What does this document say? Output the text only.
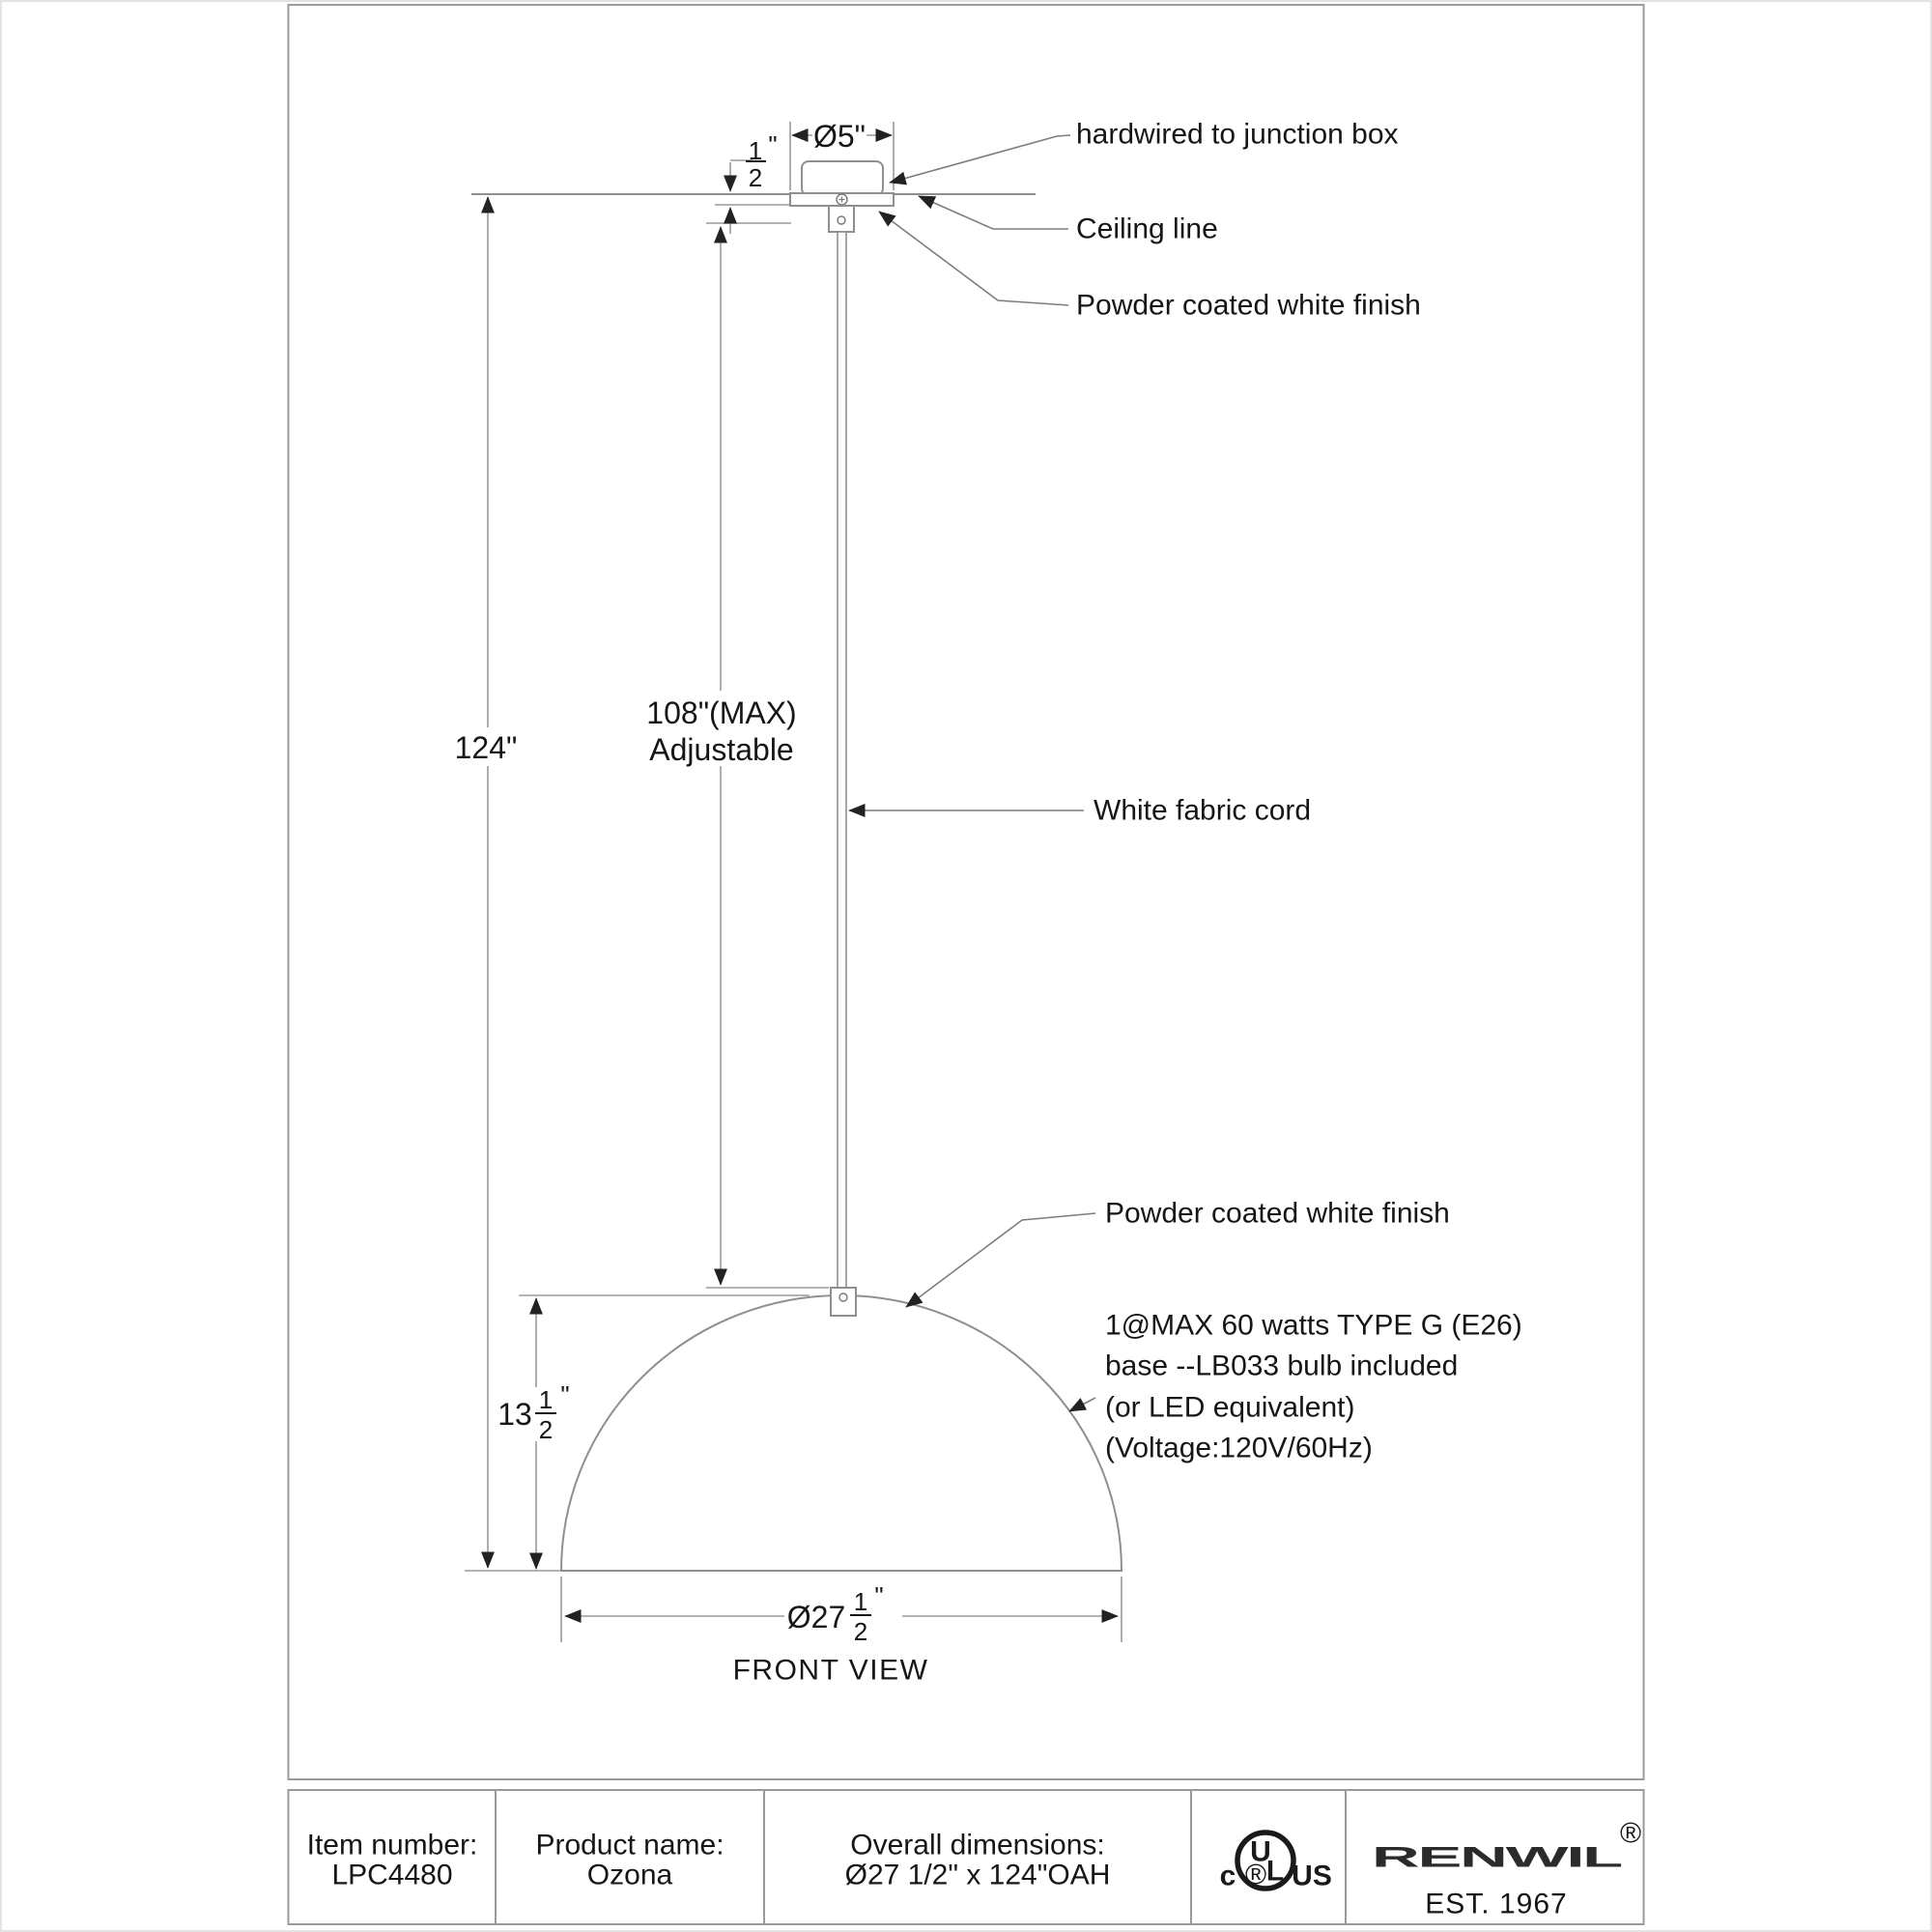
Ø5"
1
2
"
124"
108"(MAX)
Adjustable
13 1
2
"
Ø27 1
2
"
hardwired to junction box
Ceiling line
Powder coated white finish
White fabric cord
Powder coated white finish
1@MAX 60 watts TYPE G (E26)
base --LB033 bulb included
(or LED equivalent)
(Voltage:120V/60Hz)
FRONT VIEW
Item number:
LPC4480
Product name:
Ozona
Overall dimensions:
Ø27 1/2" x 124"OAH
U
L
®
c US
RENWIL
®
EST. 1967
